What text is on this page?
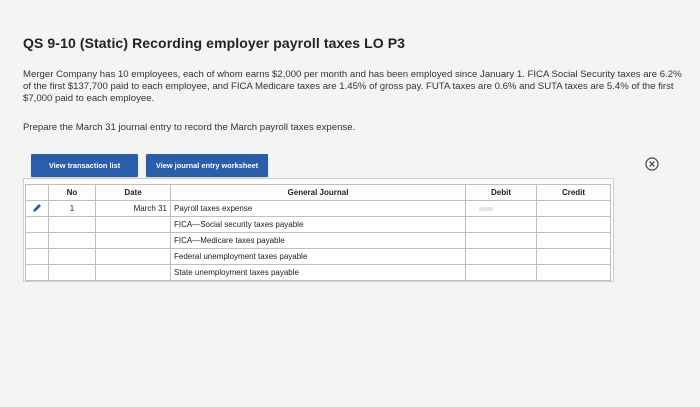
QS 9-10 (Static) Recording employer payroll taxes LO P3
Merger Company has 10 employees, each of whom earns $2,000 per month and has been employed since January 1. FICA Social Security taxes are 6.2% of the first $137,700 paid to each employee, and FICA Medicare taxes are 1.45% of gross pay. FUTA taxes are 0.6% and SUTA taxes are 5.4% of the first $7,000 paid to each employee.
Prepare the March 31 journal entry to record the March payroll taxes expense.
View transaction list	View journal entry worksheet
	No	Date	General Journal	Debit	Credit
	1	March 31	Payroll taxes expense		
			FICA—Social security taxes payable		
			FICA—Medicare taxes payable		
			Federal unemployment taxes payable		
			State unemployment taxes payable		
